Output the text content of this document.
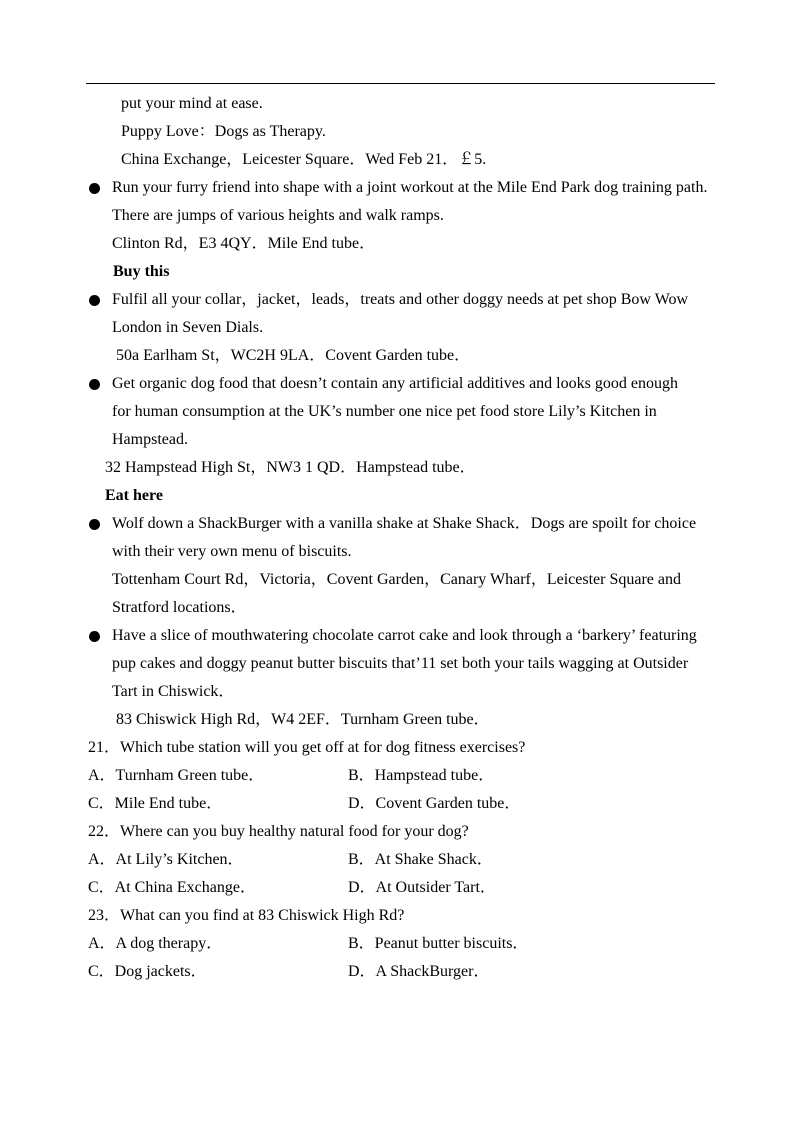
put your mind at ease.
Puppy Love：Dogs as Therapy.
China Exchange，Leicester Square．Wed Feb 21．￡5.
Run your furry friend into shape with a joint workout at the Mile End Park dog training path.
There are jumps of various heights and walk ramps.
Clinton Rd，E3 4QY．Mile End tube．
Buy this
Fulfil all your collar，jacket，leads，treats and other doggy needs at pet shop Bow Wow
London in Seven Dials.
50a Earlham St，WC2H 9LA．Covent Garden tube．
Get organic dog food that doesn’t contain any artificial additives and looks good enough
for human consumption at the UK’s number one nice pet food store Lily’s Kitchen in
Hampstead.
32 Hampstead High St，NW3 1 QD．Hampstead tube．
Eat here
Wolf down a ShackBurger with a vanilla shake at Shake Shack．Dogs are spoilt for choice
with their very own menu of biscuits.
Tottenham Court Rd，Victoria，Covent Garden，Canary Wharf，Leicester Square and
Stratford locations．
Have a slice of mouthwatering chocolate carrot cake and look through a ‘barkery’ featuring
pup cakes and doggy peanut butter biscuits that’11 set both your tails wagging at Outsider
Tart in Chiswick．
83 Chiswick High Rd，W4 2EF．Turnham Green tube．
21．Which tube station will you get off at for dog fitness exercises?
A．Turnham Green tube．	B．Hampstead tube．
C．Mile End tube．	D．Covent Garden tube．
22．Where can you buy healthy natural food for your dog?
A．At Lily’s Kitchen．	B．At Shake Shack．
C．At China Exchange．	D．At Outsider Tart．
23．What can you find at 83 Chiswick High Rd?
A．A dog therapy．	B．Peanut butter biscuits．
C．Dog jackets．	D．A ShackBurger．
